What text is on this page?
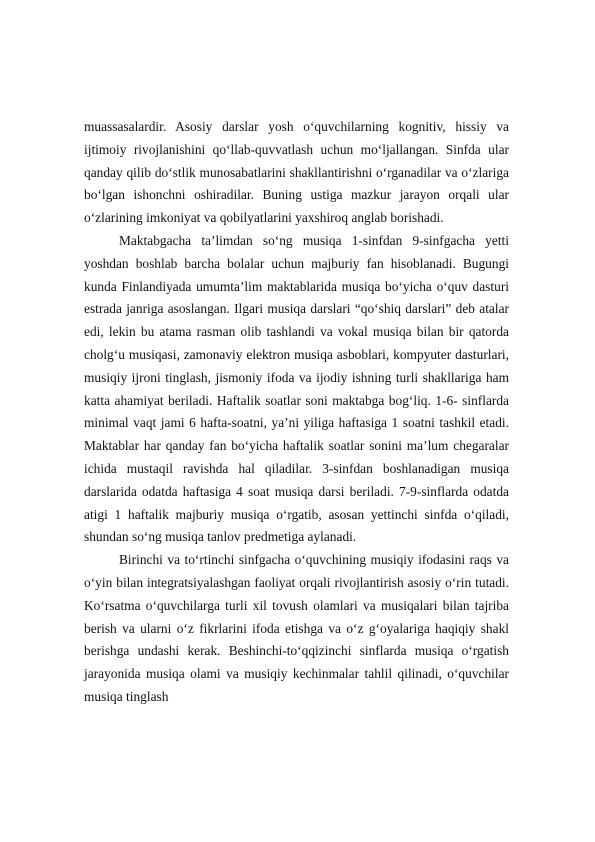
muassasalardir. Asosiy darslar yosh o‘quvchilarning kognitiv, hissiy va ijtimoiy rivojlanishini qo‘llab-quvvatlash uchun mo‘ljallangan. Sinfda ular qanday qilib do‘stlik munosabatlarini shakllantirishni o‘rganadilar va o‘zlariga bo‘lgan ishonchni oshiradilar. Buning ustiga mazkur jarayon orqali ular o‘zlarining imkoniyat va qobilyatlarini yaxshiroq anglab borishadi.

Maktabgacha ta’limdan so‘ng musiqa 1-sinfdan 9-sinfgacha yetti yoshdan boshlab barcha bolalar uchun majburiy fan hisoblanadi. Bugungi kunda Finlandiyada umumta’lim maktablarida musiqa bo‘yicha o‘quv dasturi estrada janriga asoslangan. Ilgari musiqa darslari “qo‘shiq darslari” deb atalar edi, lekin bu atama rasman olib tashlandi va vokal musiqa bilan bir qatorda cholg‘u musiqasi, zamonaviy elektron musiqa asboblari, kompyuter dasturlari, musiqiy ijroni tinglash, jismoniy ifoda va ijodiy ishning turli shakllariga ham katta ahamiyat beriladi. Haftalik soatlar soni maktabga bog‘liq. 1-6- sinflarda minimal vaqt jami 6 hafta-soatni, ya’ni yiliga haftasiga 1 soatni tashkil etadi. Maktablar har qanday fan bo‘yicha haftalik soatlar sonini ma’lum chegaralar ichida mustaqil ravishda hal qiladilar. 3-sinfdan boshlanadigan musiqa darslarida odatda haftasiga 4 soat musiqa darsi beriladi. 7-9-sinflarda odatda atigi 1 haftalik majburiy musiqa o‘rgatib, asosan yettinchi sinfda o‘qiladi, shundan so‘ng musiqa tanlov predmetiga aylanadi.

Birinchi va to‘rtinchi sinfgacha o‘quvchining musiqiy ifodasini raqs va o‘yin bilan integratsiyalashgan faoliyat orqali rivojlantirish asosiy o‘rin tutadi. Ko‘rsatma o‘quvchilarga turli xil tovush olamlari va musiqalari bilan tajriba berish va ularni o‘z fikrlarini ifoda etishga va o‘z g‘oyalariga haqiqiy shakl berishga undashi kerak. Beshinchi-to‘qqizinchi sinflarda musiqa o‘rgatish jarayonida musiqa olami va musiqiy kechinmalar tahlil qilinadi, o‘quvchilar musiqa tinglash
